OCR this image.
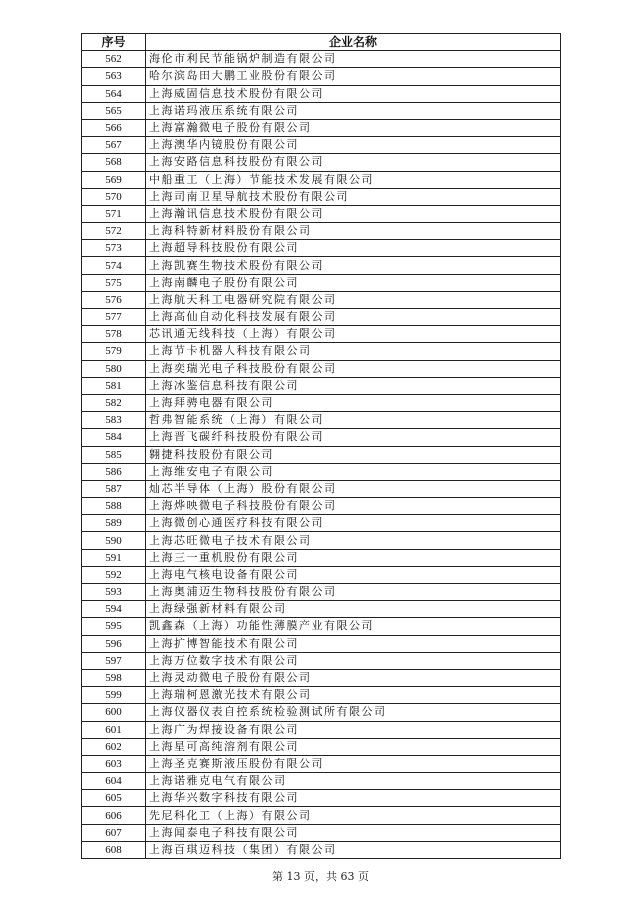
序号	企业名称
562	海伦市利民节能锅炉制造有限公司
563	哈尔滨岛田大鹏工业股份有限公司
564	上海威固信息技术股份有限公司
565	上海诺玛液压系统有限公司
566	上海富瀚微电子股份有限公司
567	上海澳华内镜股份有限公司
568	上海安路信息科技股份有限公司
569	中船重工（上海）节能技术发展有限公司
570	上海司南卫星导航技术股份有限公司
571	上海瀚讯信息技术股份有限公司
572	上海科特新材料股份有限公司
573	上海超导科技股份有限公司
574	上海凯赛生物技术股份有限公司
575	上海南麟电子股份有限公司
576	上海航天科工电器研究院有限公司
577	上海高仙自动化科技发展有限公司
578	芯讯通无线科技（上海）有限公司
579	上海节卡机器人科技有限公司
580	上海奕瑞光电子科技股份有限公司
581	上海冰鉴信息科技有限公司
582	上海拜骋电器有限公司
583	哲弗智能系统（上海）有限公司
584	上海晋飞碳纤科技股份有限公司
585	翱捷科技股份有限公司
586	上海维安电子有限公司
587	灿芯半导体（上海）股份有限公司
588	上海烨映微电子科技股份有限公司
589	上海微创心通医疗科技有限公司
590	上海芯旺微电子技术有限公司
591	上海三一重机股份有限公司
592	上海电气核电设备有限公司
593	上海奥浦迈生物科技股份有限公司
594	上海绿强新材料有限公司
595	凯鑫森（上海）功能性薄膜产业有限公司
596	上海扩博智能技术有限公司
597	上海万位数字技术有限公司
598	上海灵动微电子股份有限公司
599	上海瑞柯恩激光技术有限公司
600	上海仪器仪表自控系统检验测试所有限公司
601	上海广为焊接设备有限公司
602	上海星可高纯溶剂有限公司
603	上海圣克赛斯液压股份有限公司
604	上海诺雅克电气有限公司
605	上海华兴数字科技有限公司
606	先尼科化工（上海）有限公司
607	上海闻泰电子科技有限公司
608	上海百琪迈科技（集团）有限公司
第 13 页，共 63 页
